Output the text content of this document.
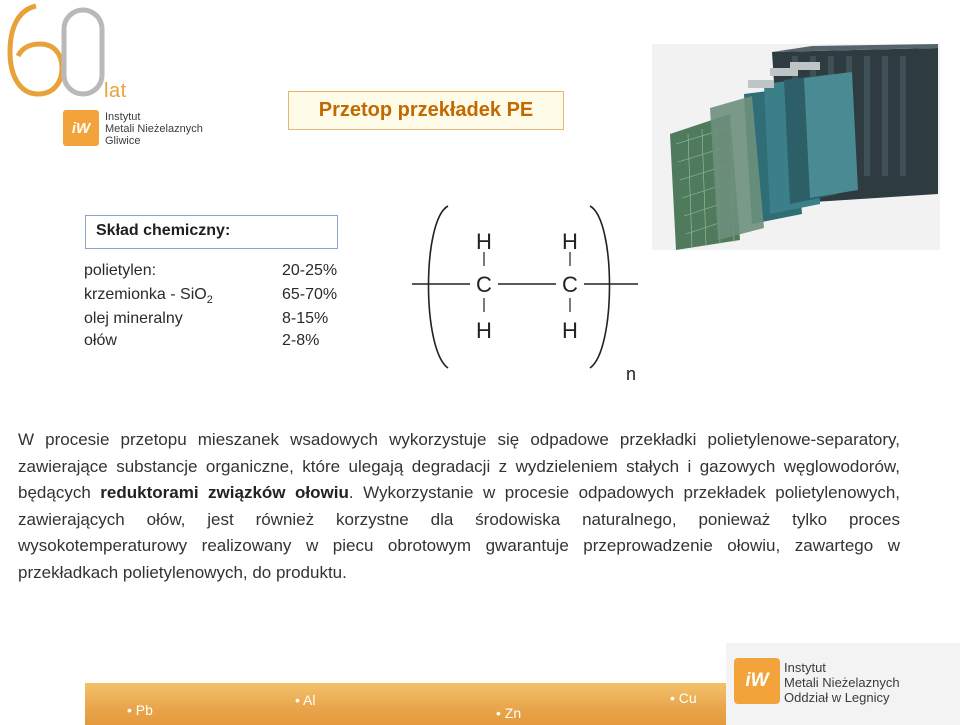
lat
iW
Instytut
Metali Nieżelaznych
Gliwice
Przetop przekładek PE
Skład chemiczny:
polietylen:	20-25%
krzemionka - SiO$_2$	65-70%
olej mineralny	8-15%
ołów	2-8%
H	H
C	C
H	H
n
W procesie przetopu mieszanek wsadowych wykorzystuje się odpadowe przekładki polietylenowe-separatory, zawierające substancje organiczne, które ulegają degradacji z wydzieleniem stałych i gazowych węglowodorów, będących reduktorami związków ołowiu. Wykorzystanie w procesie odpadowych przekładek polietylenowych, zawierających ołów, jest również korzystne dla środowiska naturalnego, ponieważ tylko proces wysokotemperaturowy realizowany w piecu obrotowym gwarantuje przeprowadzenie ołowiu, zawartego w przekładkach polietylenowych, do produktu.
• Pb
• Al
• Zn
• Cu
iW
Instytut
Metali Nieżelaznych
Oddział w Legnicy
